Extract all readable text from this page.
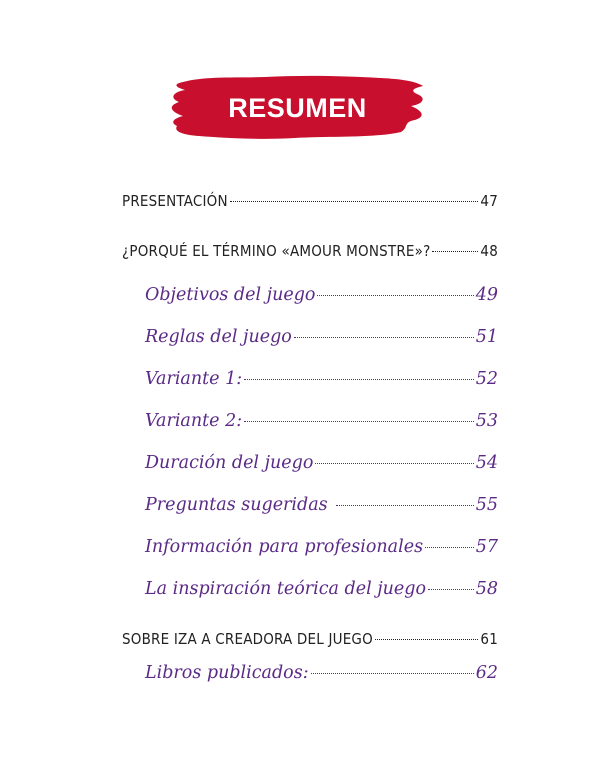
RESUMEN
PRESENTACIÓN	47
¿PORQUÉ EL TÉRMINO «AMOUR MONSTRE»?	48
Objetivos del juego	49
Reglas del juego	51
Variante 1:	52
Variante 2:	53
Duración del juego	54
Preguntas sugeridas	55
Información para profesionales	57
La inspiración teórica del juego	58
SOBRE IZA A CREADORA DEL JUEGO	61
Libros publicados:	62
